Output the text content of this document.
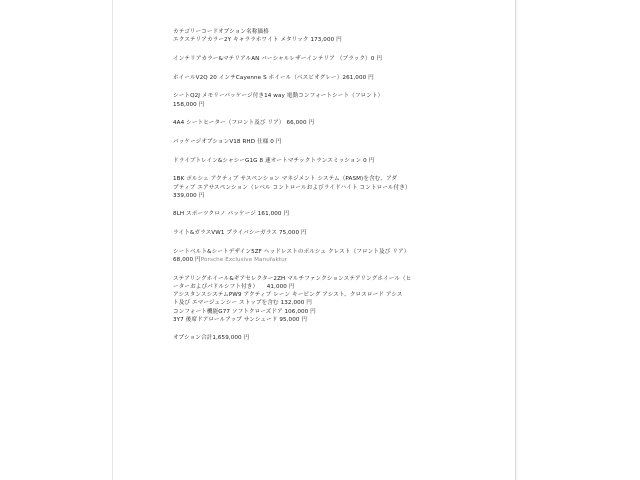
カテゴリーコードオプション名称価格
エクステリアカラー2Y キャララホワイト メタリック 173,000 円
インテリアカラー&マテリアルAN バーシャルレザーインテリア （ブラック）0 円
ホイールV2Q 20 インチCayenne S ホイール（ベスビオグレー）261,000 円
シートQ2J メモリーパッケージ付き14 way 電動コンフォートシート（フロント）
158,000 円
4A4 シートヒーター（フロント及び リア） 66,000 円
パッケージオプションV18 RHD 仕様 0 円
ドライブトレイン&シャシーG1G 8 速オートマチックトランスミッション 0 円
1BK ポルシェ アクティブ サスペンション マネジメント システム（PASM)を含む、アダ
プティブ エアサスペンション（レベル コントロールおよびライドハイト コントロール付き）
339,000 円
8LH スポーツクロノ パッケージ 161,000 円
ライト&ガラスVW1 プライバシーガラス 75,000 円
シートベルト&シートデザイン5ZF ヘッドレストのポルシェ クレスト（フロント及び リア）
68,000 円Porsche Exclusive Manufaktur
ステアリングホイール&ギアセレクター2ZH マルチファンクションステアリングホイール（ヒ
ーターおよびパドルシフト付き）　　41,000 円
アシスタンスシステムPW9 アクティブ レーン キーピング アシスト、クロスロード アシス
ト及び エマージェンシー ストップを含む 132,000 円
コンフォート機能G77 ソフトクローズドア 106,000 円
3Y7 後席ドアロールアップ サンシェード 95,000 円
オプション合計1,659,000 円
